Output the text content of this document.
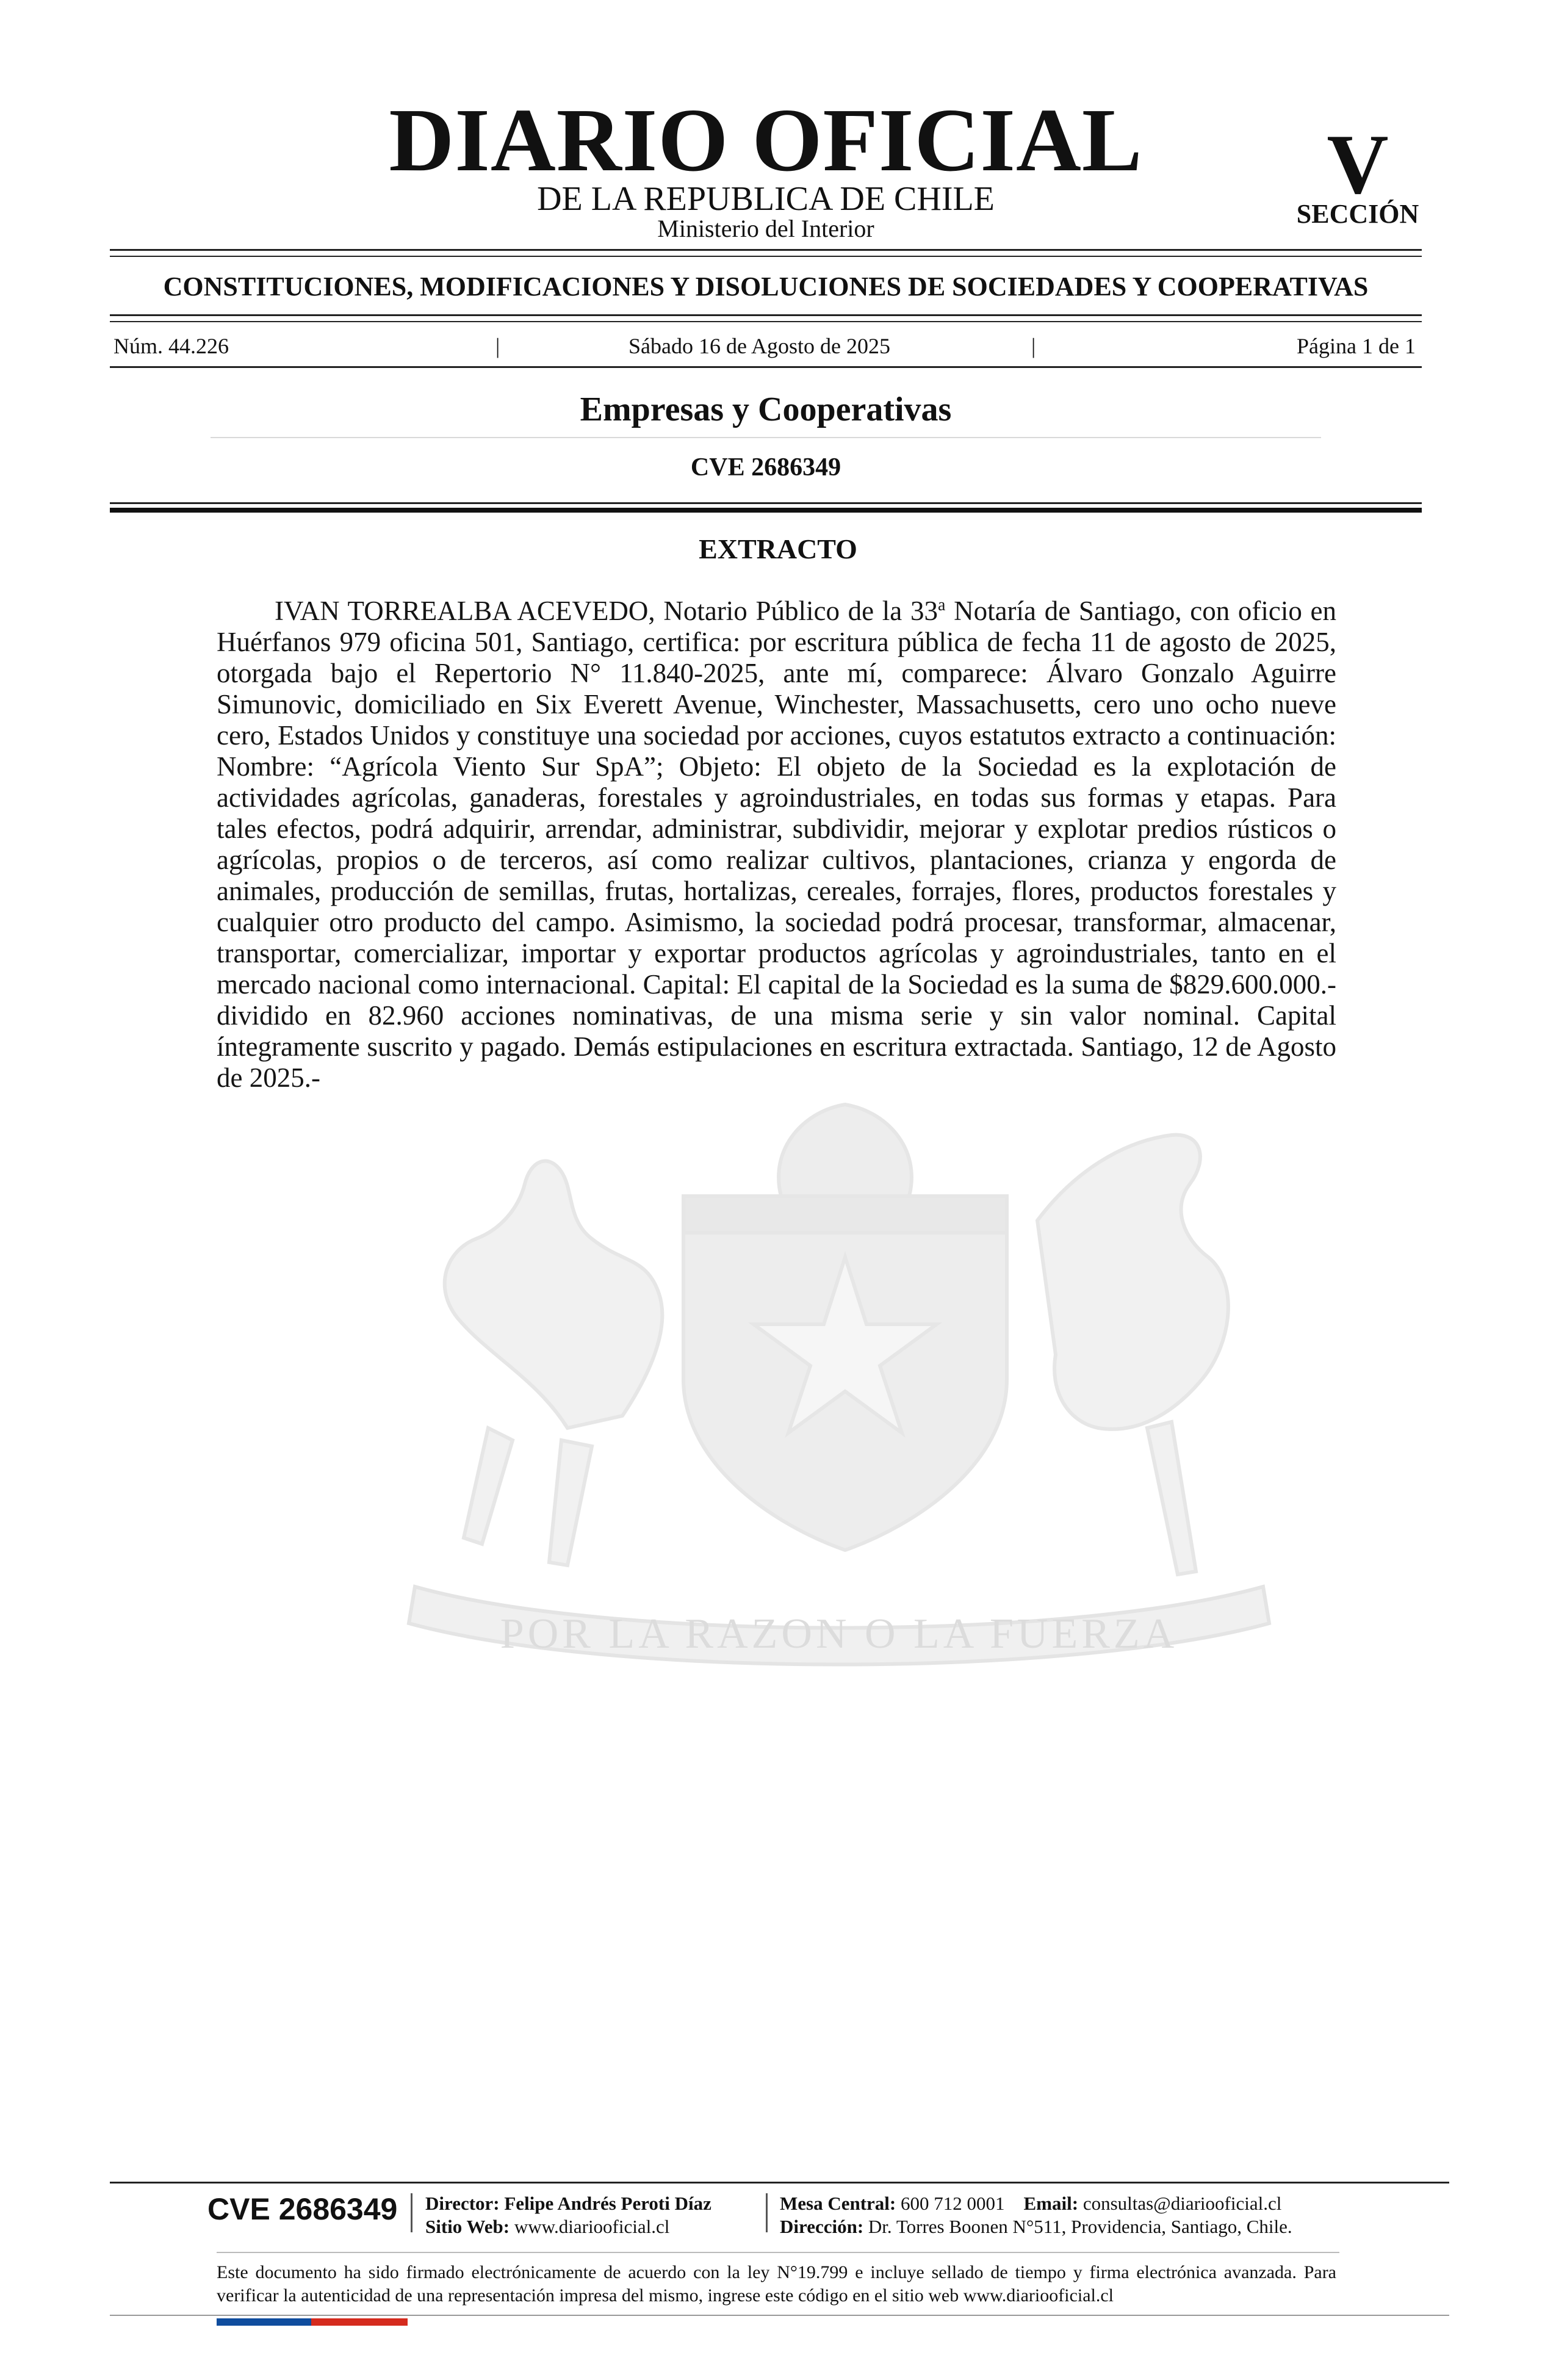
POR LA RAZON O LA FUERZA
DIARIO OFICIAL
DE LA REPUBLICA DE CHILE
Ministerio del Interior
V
SECCIÓN
CONSTITUCIONES, MODIFICACIONES Y DISOLUCIONES DE SOCIEDADES Y COOPERATIVAS
Núm. 44.226	|	Sábado 16 de Agosto de 2025	|	Página 1 de 1
Empresas y Cooperativas
CVE 2686349
EXTRACTO
IVAN TORREALBA ACEVEDO, Notario Público de la 33$^a$ Notaría de Santiago, con oficio en Huérfanos 979 oficina 501, Santiago, certifica: por escritura pública de fecha 11 de agosto de 2025, otorgada bajo el Repertorio N° 11.840-2025, ante mí, comparece: Álvaro Gonzalo Aguirre Simunovic, domiciliado en Six Everett Avenue, Winchester, Massachusetts, cero uno ocho nueve cero, Estados Unidos y constituye una sociedad por acciones, cuyos estatutos extracto a continuación: Nombre: “Agrícola Viento Sur SpA”; Objeto: El objeto de la Sociedad es la explotación de actividades agrícolas, ganaderas, forestales y agroindustriales, en todas sus formas y etapas. Para tales efectos, podrá adquirir, arrendar, administrar, subdividir, mejorar y explotar predios rústicos o agrícolas, propios o de terceros, así como realizar cultivos, plantaciones, crianza y engorda de animales, producción de semillas, frutas, hortalizas, cereales, forrajes, flores, productos forestales y cualquier otro producto del campo. Asimismo, la sociedad podrá procesar, transformar, almacenar, transportar, comercializar, importar y exportar productos agrícolas y agroindustriales, tanto en el mercado nacional como internacional. Capital: El capital de la Sociedad es la suma de $829.600.000.- dividido en 82.960 acciones nominativas, de una misma serie y sin valor nominal. Capital íntegramente suscrito y pagado. Demás estipulaciones en escritura extractada. Santiago, 12 de Agosto de 2025.-
CVE 2686349 Director: Felipe Andrés Peroti Díaz
Sitio Web: www.diariooficial.cl
Mesa Central: 600 712 0001 Email: consultas@diariooficial.cl
Dirección: Dr. Torres Boonen N°511, Providencia, Santiago, Chile.
Este documento ha sido firmado electrónicamente de acuerdo con la ley N°19.799 e incluye sellado de tiempo y firma electrónica avanzada. Para verificar la autenticidad de una representación impresa del mismo, ingrese este código en el sitio web www.diariooficial.cl
